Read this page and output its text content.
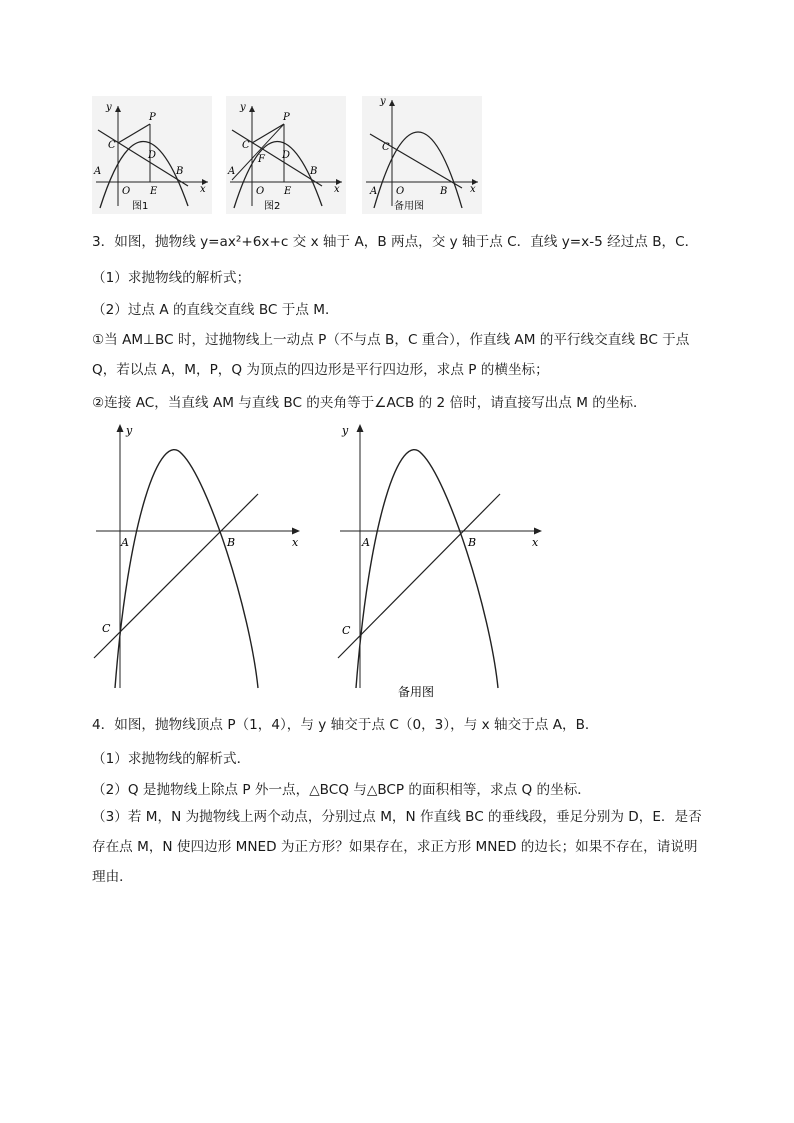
y
x
O
A	B
C
D
E
P
图1
y
x
O
A	B
C
D
E
P
F
图2
y
x
O
A	B
C
备用图
3．如图，抛物线 y=ax²+6x+c 交 x 轴于 A，B 两点，交 y 轴于点 C．直线 y=x-5 经过点 B，C．
（1）求抛物线的解析式；
（2）过点 A 的直线交直线 BC 于点 M．
①当 AM⊥BC 时，过抛物线上一动点 P（不与点 B，C 重合），作直线 AM 的平行线交直线 BC 于点 Q，若以点 A，M，P，Q 为顶点的四边形是平行四边形，求点 P 的横坐标；
②连接 AC，当直线 AM 与直线 BC 的夹角等于∠ACB 的 2 倍时，请直接写出点 M 的坐标．
y
x
A	B
C
y
x
A	B
C
备用图
4．如图，抛物线顶点 P（1，4），与 y 轴交于点 C（0，3），与 x 轴交于点 A，B．
（1）求抛物线的解析式．
（2）Q 是抛物线上除点 P 外一点，△BCQ 与△BCP 的面积相等，求点 Q 的坐标．
（3）若 M，N 为抛物线上两个动点，分别过点 M，N 作直线 BC 的垂线段，垂足分别为 D，E．是否存在点 M，N 使四边形 MNED 为正方形？如果存在，求正方形 MNED 的边长；如果不存在，请说明理由．
